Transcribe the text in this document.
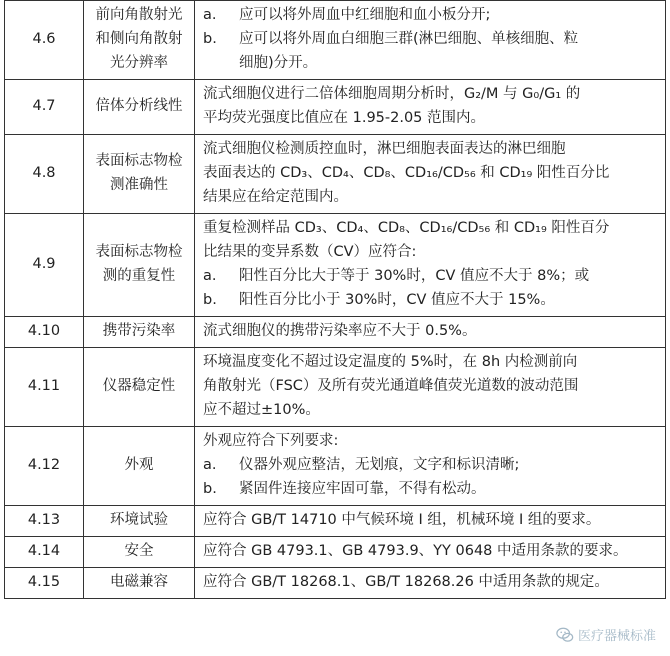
4.6	前向角散射光
和侧向角散射
光分辨率	a. 应可以将外周血中红细胞和血小板分开;
b. 应可以将外周血白细胞三群(淋巴细胞、单核细胞、粒
细胞)分开。

4.7	倍体分析线性	流式细胞仪进行二倍体细胞周期分析时，G₂/M 与 G₀/G₁ 的
平均荧光强度比值应在 1.95-2.05 范围内。

4.8	表面标志物检
测准确性	流式细胞仪检测质控血时，淋巴细胞表面表达的淋巴细胞
表面表达的 CD₃、CD₄、CD₈、CD₁₆/CD₅₆ 和 CD₁₉ 阳性百分比
结果应在给定范围内。

4.9	表面标志物检
测的重复性	重复检测样品 CD₃、CD₄、CD₈、CD₁₆/CD₅₆ 和 CD₁₉ 阳性百分
比结果的变异系数（CV）应符合:
a. 阳性百分比大于等于 30%时，CV 值应不大于 8%；或
b. 阳性百分比小于 30%时，CV 值应不大于 15%。

4.10	携带污染率	流式细胞仪的携带污染率应不大于 0.5%。

4.11	仪器稳定性	环境温度变化不超过设定温度的 5%时，在 8h 内检测前向
角散射光（FSC）及所有荧光通道峰值荧光道数的波动范围
应不超过±10%。

4.12	外观	外观应符合下列要求:
a. 仪器外观应整洁，无划痕，文字和标识清晰;
b. 紧固件连接应牢固可靠，不得有松动。

4.13	环境试验	应符合 GB/T 14710 中气候环境 I 组，机械环境 I 组的要求。

4.14	安全	应符合 GB 4793.1、GB 4793.9、YY 0648 中适用条款的要求。

4.15	电磁兼容	应符合 GB/T 18268.1、GB/T 18268.26 中适用条款的规定。
医疗器械标准
